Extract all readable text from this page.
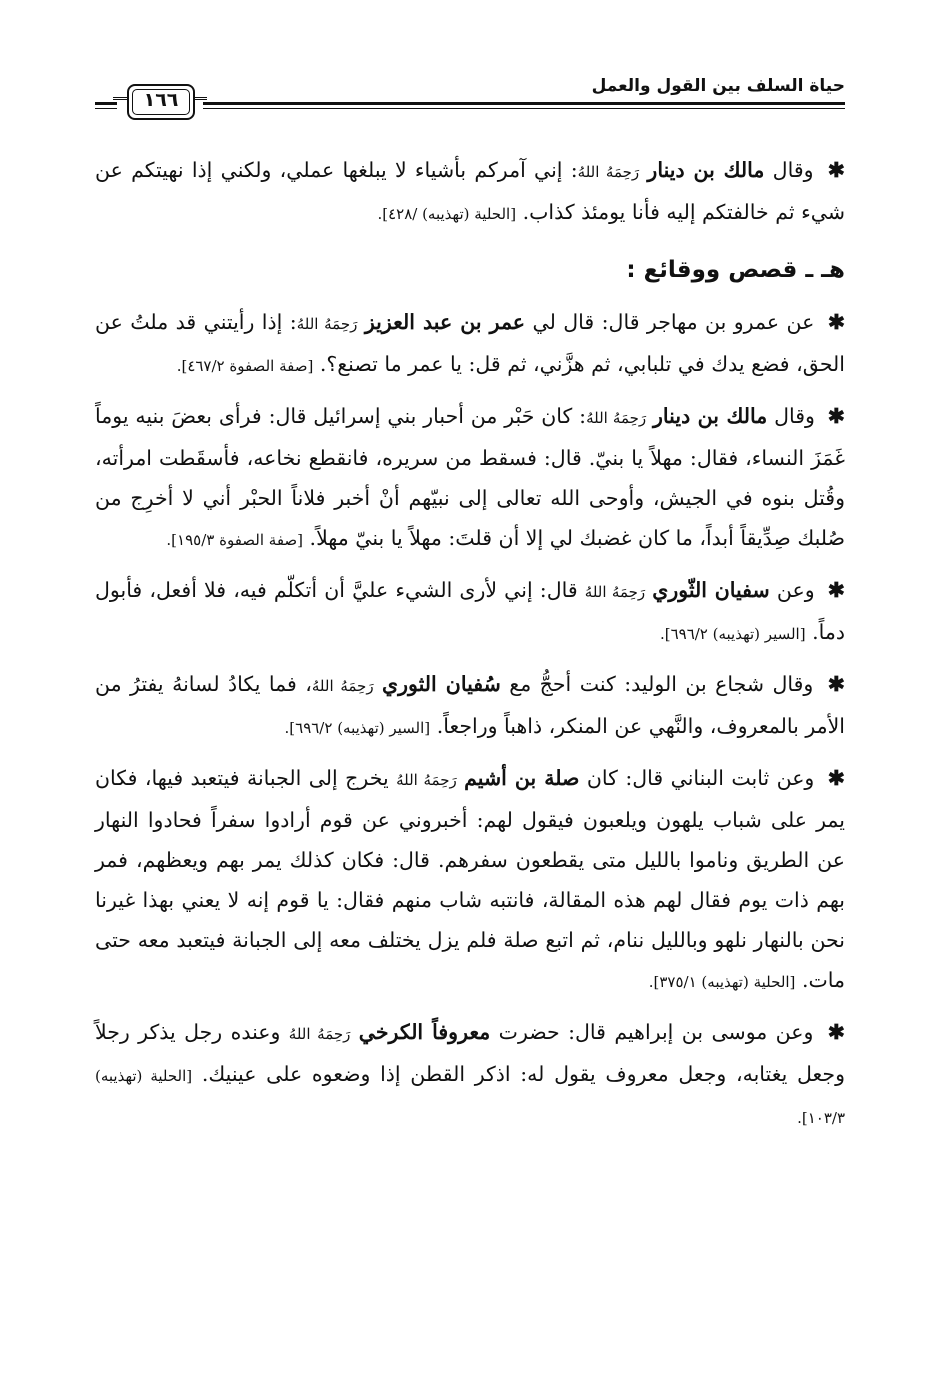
حياة السلف بين القول والعمل
١٦٦

✱ وقال مالك بن دينار رَحِمَهُ اللهُ: إني آمركم بأشياء لا يبلغها عملي، ولكني إذا نهيتكم عن شيء ثم خالفتكم إليه فأنا يومئذ كذاب. [الحلية (تهذيبه) /٤٢٨].

هـ ـ قصص ووقائع :

✱ عن عمرو بن مهاجر قال: قال لي عمر بن عبد العزيز رَحِمَهُ اللهُ: إذا رأيتني قد ملتُ عن الحق، فضع يدك في تلبابي، ثم هزَّني، ثم قل: يا عمر ما تصنع؟. [صفة الصفوة ٤٦٧/٢].

✱ وقال مالك بن دينار رَحِمَهُ اللهُ: كان حَبْر من أحبار بني إسرائيل قال: فرأى بعضَ بنيه يوماً غَمَزَ النساء، فقال: مهلاً يا بنيّ. قال: فسقط من سريره، فانقطع نخاعه، فأسقَطت امرأته، وقُتل بنوه في الجيش، وأوحى الله تعالى إلى نبيّهم أنْ أخبر فلاناً الحبْر أني لا أخرِج من صُلبك صِدِّيقاً أبداً، ما كان غضبك لي إلا أن قلتَ: مهلاً يا بنيّ مهلاً. [صفة الصفوة ١٩٥/٣].

✱ وعن سفيان الثّوري رَحِمَهُ اللهُ قال: إني لأرى الشيء عليَّ أن أتكلّم فيه، فلا أفعل، فأبول دماً. [السير (تهذيبه) ٦٩٦/٢].

✱ وقال شجاع بن الوليد: كنت أحجُّ مع سُفيان الثوري رَحِمَهُ اللهُ، فما يكادُ لسانهُ يفترُ من الأمر بالمعروف، والنَّهي عن المنكر، ذاهباً وراجعاً. [السير (تهذيبه) ٦٩٦/٢].

✱ وعن ثابت البناني قال: كان صلة بن أشيم رَحِمَهُ اللهُ يخرج إلى الجبانة فيتعبد فيها، فكان يمر على شباب يلهون ويلعبون فيقول لهم: أخبروني عن قوم أرادوا سفراً فحادوا النهار عن الطريق وناموا بالليل متى يقطعون سفرهم. قال: فكان كذلك يمر بهم ويعظهم، فمر بهم ذات يوم فقال لهم هذه المقالة، فانتبه شاب منهم فقال: يا قوم إنه لا يعني بهذا غيرنا نحن بالنهار نلهو وبالليل ننام، ثم اتبع صلة فلم يزل يختلف معه إلى الجبانة فيتعبد معه حتى مات. [الحلية (تهذيبه) ٣٧٥/١].

✱ وعن موسى بن إبراهيم قال: حضرت معروفاً الكرخي رَحِمَهُ اللهُ وعنده رجل يذكر رجلاً وجعل يغتابه، وجعل معروف يقول له: اذكر القطن إذا وضعوه على عينيك. [الحلية (تهذيبه) ١٠٣/٣].
